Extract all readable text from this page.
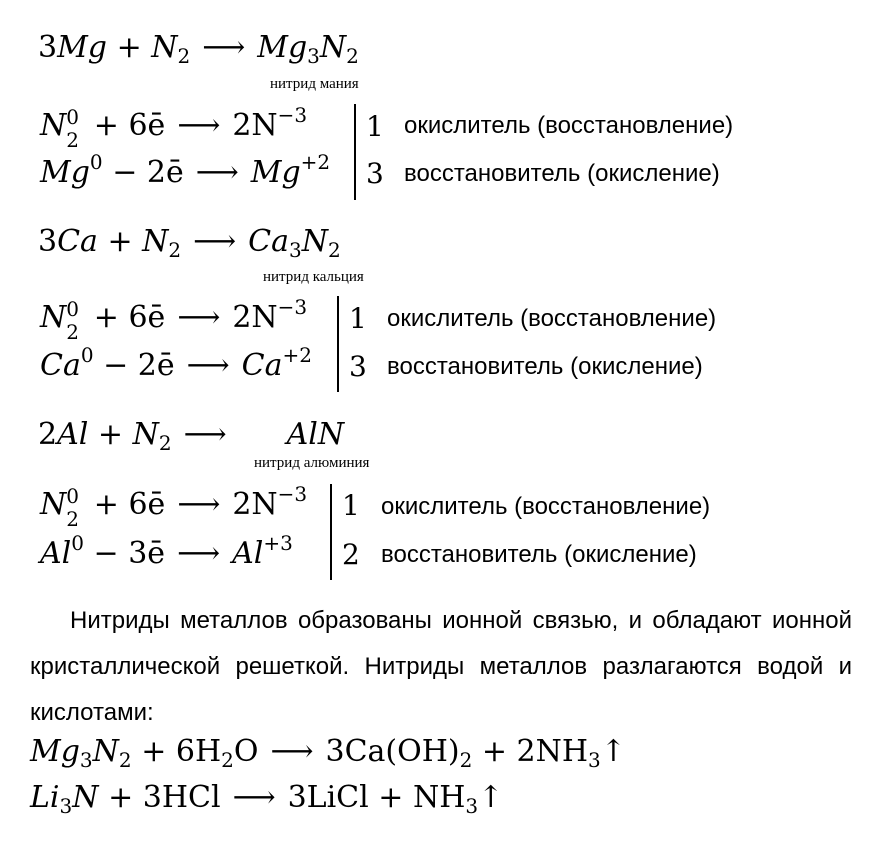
$3Mg + N_2$ ⟶ $Mg_3N_2$
нитрид мания
N 0
2 + 6ē ⟶ $2N^{-3}$
$Mg^0$ − 2ē ⟶ $Mg^{+2}$
1
3
окислитель (восстановление)
восстановитель (окисление)
$3Ca + N_2$ ⟶ $Ca_3N_2$
нитрид кальция
N 0
2 + 6ē ⟶ $2N^{-3}$
$Ca^0$ − 2ē ⟶ $Ca^{+2}$
1
3
окислитель (восстановление)
восстановитель (окисление)
$2Al + N_2$ ⟶ AlN
нитрид алюминия
N 0
2 + 6ē ⟶ $2N^{-3}$
$Al^0$ − 3ē ⟶ $Al^{+3}$
1
2
окислитель (восстановление)
восстановитель (окисление)
Нитриды металлов образованы ионной связью, и обладают ионной кристаллической решеткой. Нитриды металлов разлагаются водой и кислотами:
$Mg_3N_2 + 6H_2O$ ⟶ $3Ca(OH)_2$ + $2NH_3↑$
$Li_3N + 3HCl$ ⟶ 3LiCl + $NH_3↑$
